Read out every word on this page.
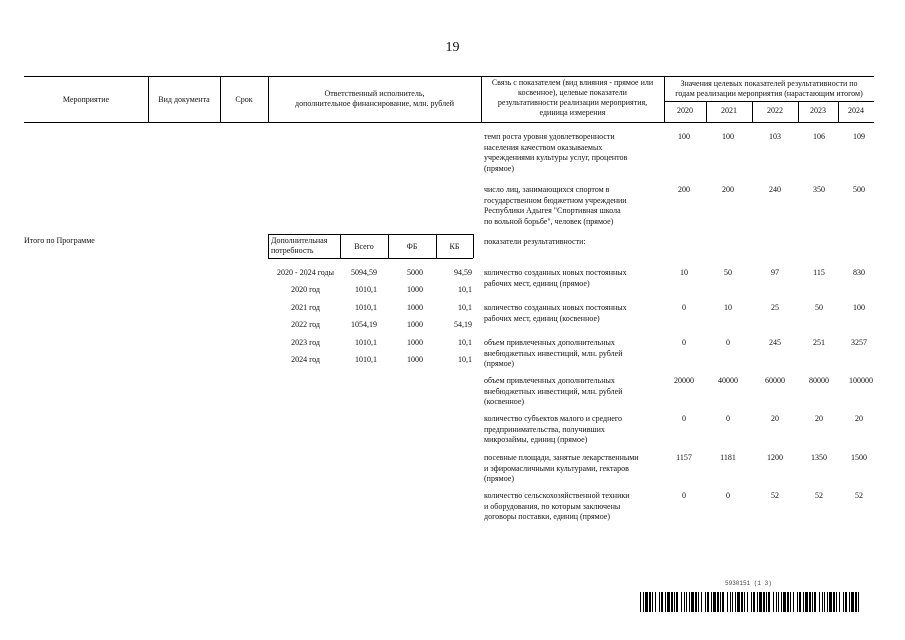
19
Мероприятие	Вид документа	Срок
Ответственный исполнитель,
дополнительное финансирование, млн. рублей
Связь с показателем (вид влияния - прямое или
косвенное), целевые показатели
результативности реализации мероприятия,
единица измерения
Значения целевых показателей результативности по
годам реализации мероприятия (нарастающим итогом)
2020	2021	2022	2023	2024
темп роста уровня удовлетворенности
населения качеством оказываемых
учреждениями культуры услуг, процентов
(прямое)
100	100	103	106	109
число лиц, занимающихся спортом в
государственном бюджетном учреждении
Республики Адыгея "Спортивная школа
по вольной борьбе", человек (прямое)
200	200	240	350	500
Итого по Программе	Дополнительная
потребность	Всего	ФБ	КБ
2020 - 2024 годы	5094,59	5000	94,59
2020 год	1010,1	1000	10,1
2021 год	1010,1	1000	10,1
2022 год	1054,19	1000	54,19
2023 год	1010,1	1000	10,1
2024 год	1010,1	1000	10,1
показатели результативности:
количество созданных новых постоянных
рабочих мест, единиц (прямое)
10	50	97	115	830
количество созданных новых постоянных
рабочих мест, единиц (косвенное)
0	10	25	50	100
объем привлеченных дополнительных
внебюджетных инвестиций, млн. рублей
(прямое)
0	0	245	251	3257
объем привлеченных дополнительных
внебюджетных инвестиций, млн. рублей
(косвенное)
20000	40000	60000	80000	100000
количество субъектов малого и среднего
предпринимательства, получивших
микрозаймы, единиц (прямое)
0	0	20	20	20
посевные площади, занятые лекарственными
и эфиромасличными культурами, гектаров
(прямое)
1157	1181	1200	1350	1500
количество сельскохозяйственной техники
и оборудования, по которым заключены
договоры поставки, единиц (прямое)
0	0	52	52	52
5930151 (1 3)
